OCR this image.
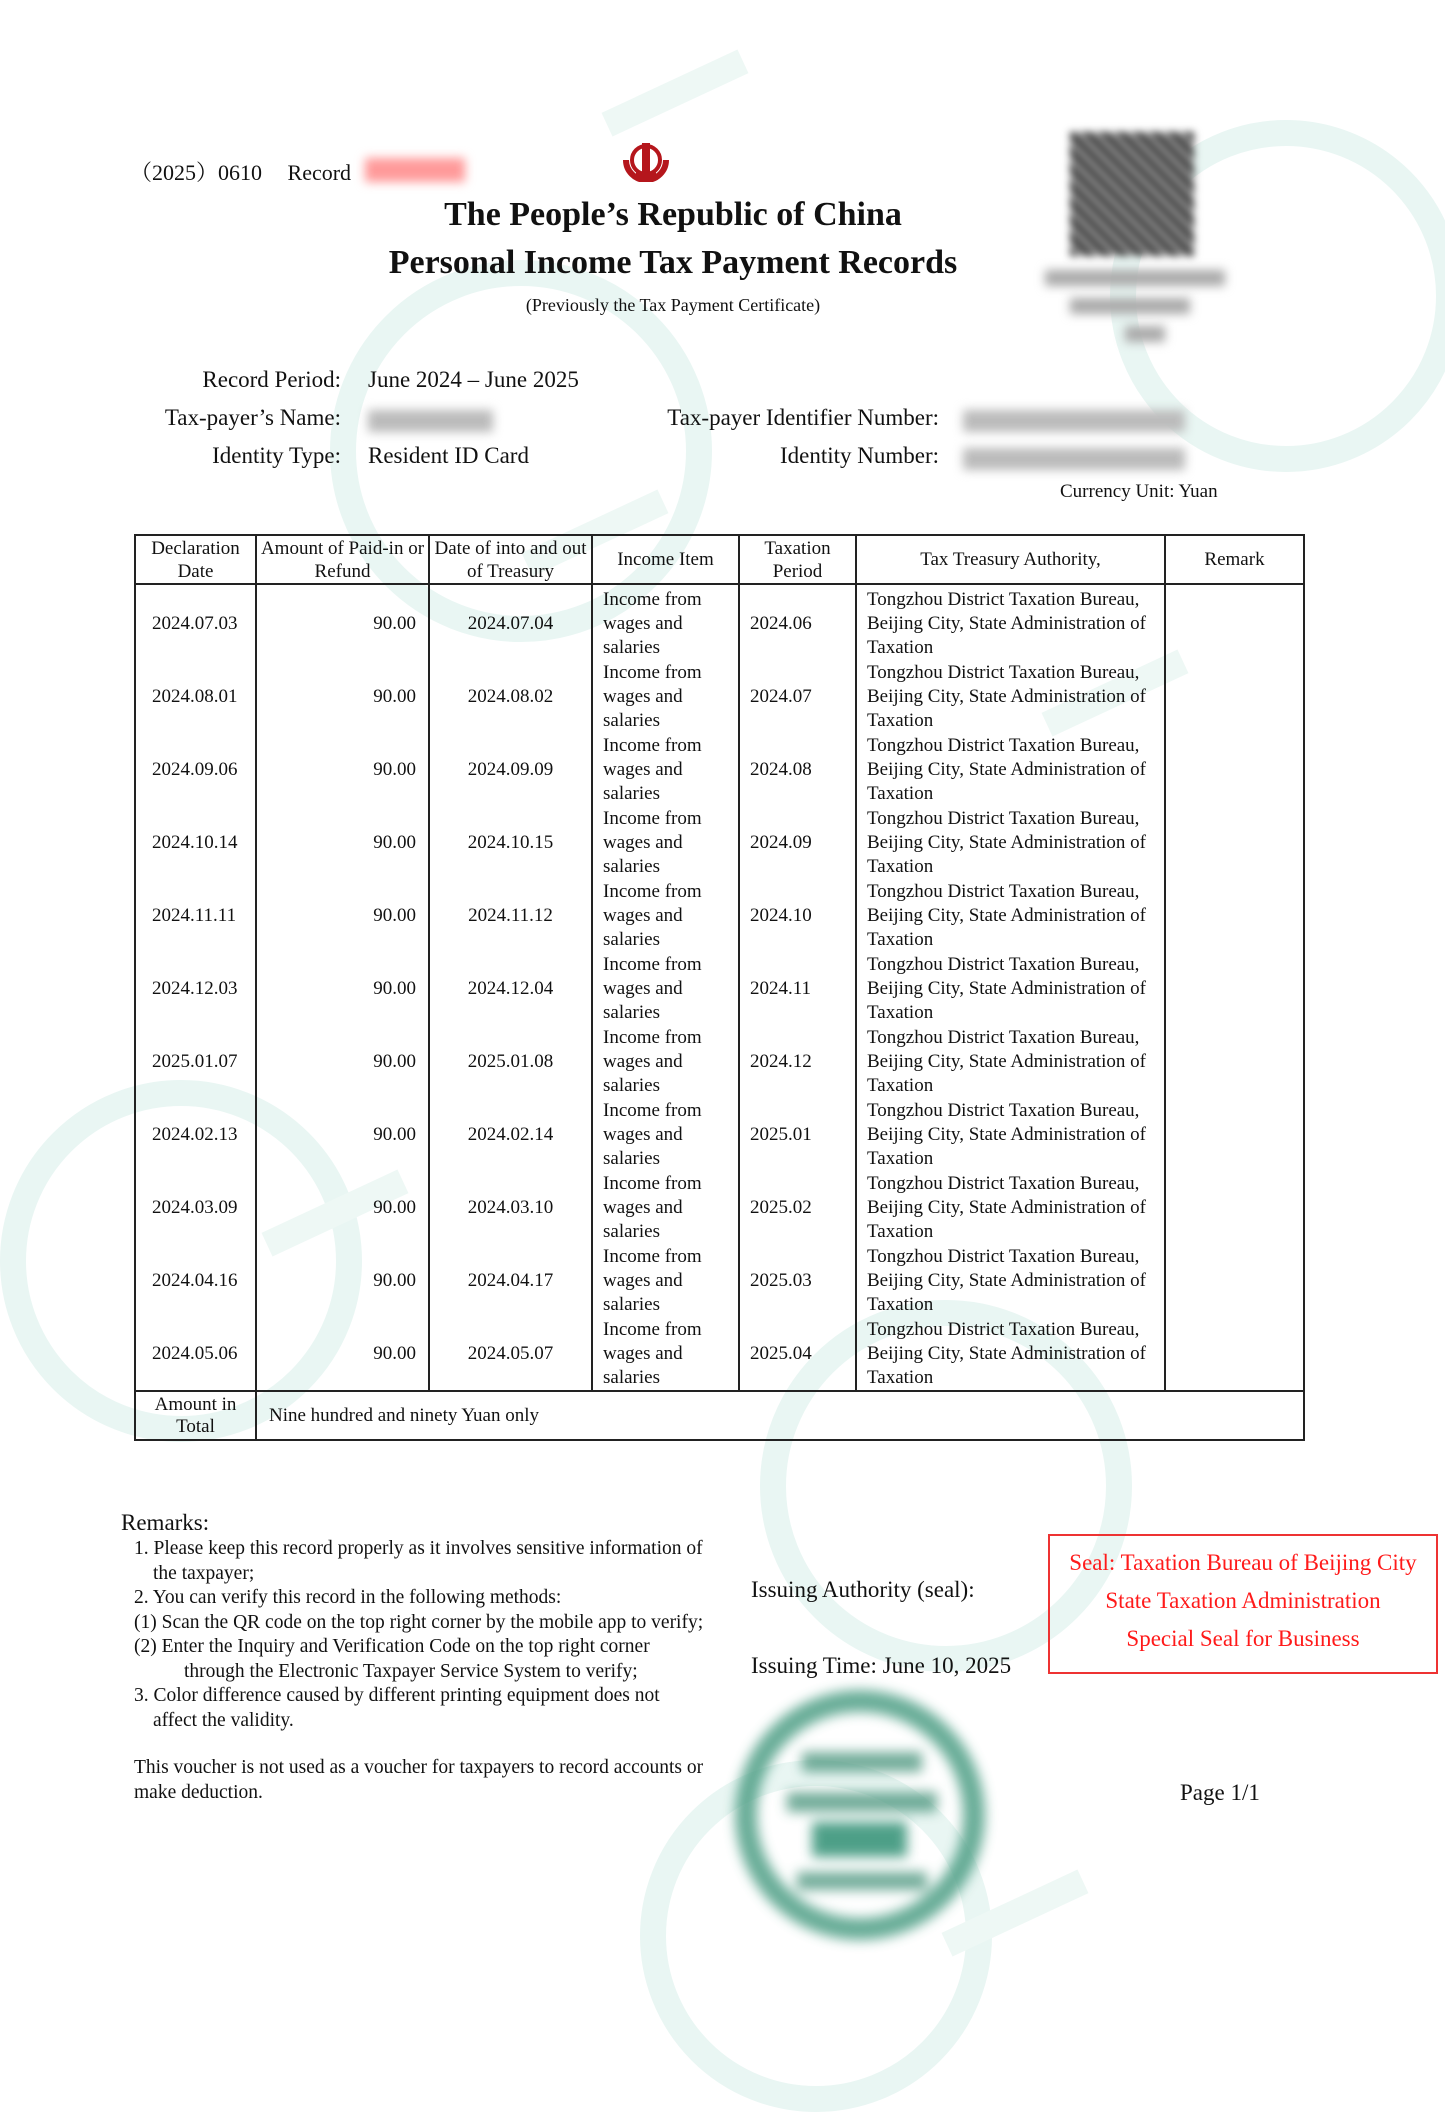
（2025）0610 Record
The People’s Republic of China
Personal Income Tax Payment Records
(Previously the Tax Payment Certificate)
Record Period: June 2024 – June 2025
Tax-payer’s Name:	Tax-payer Identifier Number:
Identity Type: Resident ID Card	Identity Number:
Currency Unit: Yuan
Declaration Date	Amount of Paid-in or Refund	Date of into and out of Treasury	Income Item	Taxation Period	Tax Treasury Authority,	Remark
2024.07.03	90.00	2024.07.04	Income from wages and salaries	2024.06	Tongzhou District Taxation Bureau, Beijing City, State Administration of Taxation	
2024.08.01	90.00	2024.08.02	Income from wages and salaries	2024.07	Tongzhou District Taxation Bureau, Beijing City, State Administration of Taxation	
2024.09.06	90.00	2024.09.09	Income from wages and salaries	2024.08	Tongzhou District Taxation Bureau, Beijing City, State Administration of Taxation	
2024.10.14	90.00	2024.10.15	Income from wages and salaries	2024.09	Tongzhou District Taxation Bureau, Beijing City, State Administration of Taxation	
2024.11.11	90.00	2024.11.12	Income from wages and salaries	2024.10	Tongzhou District Taxation Bureau, Beijing City, State Administration of Taxation	
2024.12.03	90.00	2024.12.04	Income from wages and salaries	2024.11	Tongzhou District Taxation Bureau, Beijing City, State Administration of Taxation	
2025.01.07	90.00	2025.01.08	Income from wages and salaries	2024.12	Tongzhou District Taxation Bureau, Beijing City, State Administration of Taxation	
2024.02.13	90.00	2024.02.14	Income from wages and salaries	2025.01	Tongzhou District Taxation Bureau, Beijing City, State Administration of Taxation	
2024.03.09	90.00	2024.03.10	Income from wages and salaries	2025.02	Tongzhou District Taxation Bureau, Beijing City, State Administration of Taxation	
2024.04.16	90.00	2024.04.17	Income from wages and salaries	2025.03	Tongzhou District Taxation Bureau, Beijing City, State Administration of Taxation	
2024.05.06	90.00	2024.05.07	Income from wages and salaries	2025.04	Tongzhou District Taxation Bureau, Beijing City, State Administration of Taxation	
Amount in Total	Nine hundred and ninety Yuan only					
Remarks:
1. Please keep this record properly as it involves sensitive information of
the taxpayer;
2. You can verify this record in the following methods:
(1) Scan the QR code on the top right corner by the mobile app to verify;
(2) Enter the Inquiry and Verification Code on the top right corner
through the Electronic Taxpayer Service System to verify;
3. Color difference caused by different printing equipment does not
affect the validity.
This voucher is not used as a voucher for taxpayers to record accounts or
make deduction.
Issuing Authority (seal):
Issuing Time: June 10, 2025
Seal: Taxation Bureau of Beijing City
State Taxation Administration
Special Seal for Business
Page 1/1
